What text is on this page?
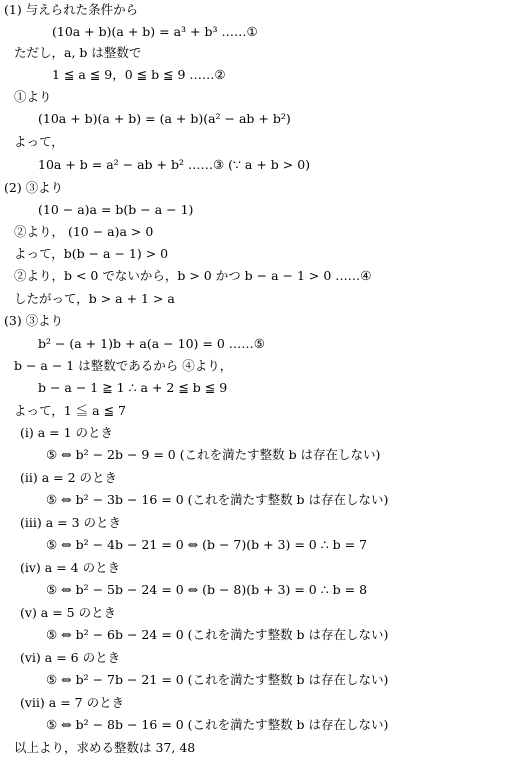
(1) 与えられた条件から
(10a + b)(a + b) = a³ + b³ ……①
ただし，a, b は整数で
1 ≦ a ≦ 9，0 ≦ b ≦ 9 ……②
①より
(10a + b)(a + b) = (a + b)(a² − ab + b²)
よって，
10a + b = a² − ab + b² ……③ (∵ a + b > 0)
(2) ③より
(10 − a)a = b(b − a − 1)
②より， (10 − a)a > 0
よって，b(b − a − 1) > 0
②より，b < 0 でないから，b > 0 かつ b − a − 1 > 0 ……④
したがって，b > a + 1 > a
(3) ③より
b² − (a + 1)b + a(a − 10) = 0 ……⑤
b − a − 1 は整数であるから ④より，
b − a − 1 ≧ 1 ∴ a + 2 ≦ b ≦ 9
よって，1 ≦ a ≦ 7
(ⅰ) a = 1 のとき
⑤ ⇔ b² − 2b − 9 = 0 (これを満たす整数 b は存在しない)
(ⅱ) a = 2 のとき
⑤ ⇔ b² − 3b − 16 = 0 (これを満たす整数 b は存在しない)
(ⅲ) a = 3 のとき
⑤ ⇔ b² − 4b − 21 = 0 ⇔ (b − 7)(b + 3) = 0 ∴ b = 7
(ⅳ) a = 4 のとき
⑤ ⇔ b² − 5b − 24 = 0 ⇔ (b − 8)(b + 3) = 0 ∴ b = 8
(ⅴ) a = 5 のとき
⑤ ⇔ b² − 6b − 24 = 0 (これを満たす整数 b は存在しない)
(ⅵ) a = 6 のとき
⑤ ⇔ b² − 7b − 21 = 0 (これを満たす整数 b は存在しない)
(ⅶ) a = 7 のとき
⑤ ⇔ b² − 8b − 16 = 0 (これを満たす整数 b は存在しない)
以上より，求める整数は 37, 48
